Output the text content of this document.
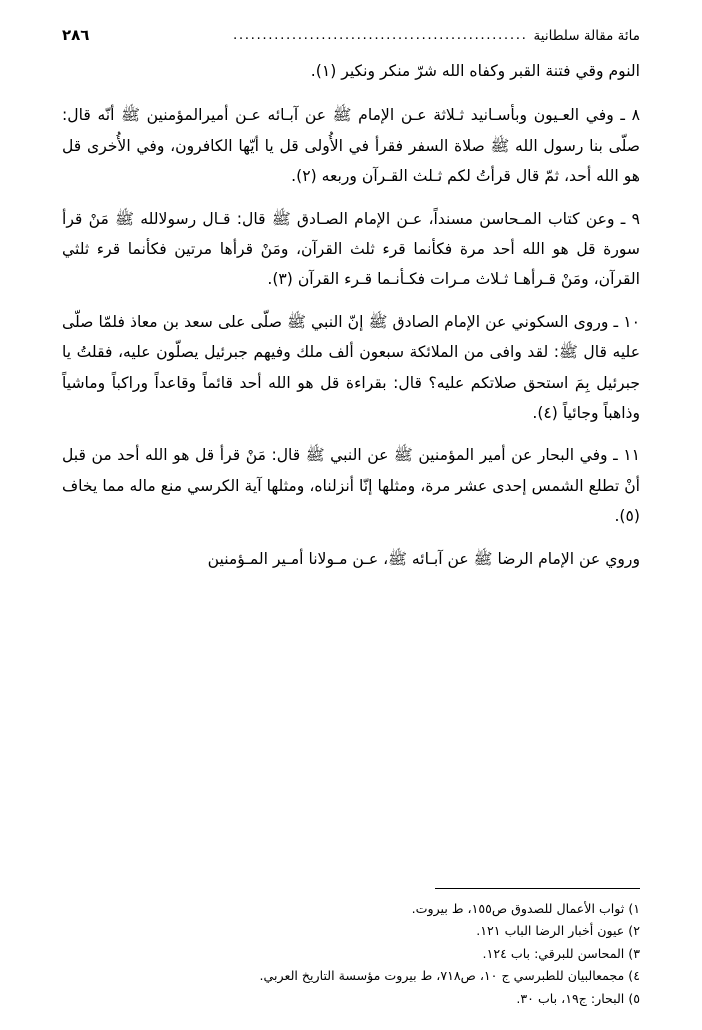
مائة مقالة سلطانية
..................................................
٢٨٦

النوم وقي فتنة القبر وكفاه الله شرّ منكر ونكير (١).

٨ ـ وفي العـيون وبأسـانيد ثـلاثة عـن الإمام ﷺ عن آبـائه عـن أميرالمؤمنين ﷺ أنّه قال: صلّى بنا رسول الله ﷺ صلاة السفر فقرأ في الأُولى قل يا أيّها الكافرون، وفي الأُخرى قل هو الله أحد، ثمّ قال قرأتُ لكم ثـلث القـرآن وربعه (٢).

٩ ـ وعن كتاب المـحاسن مسنداً، عـن الإمام الصـادق ﷺ قال: قـال رسولالله ﷺ مَنْ قرأ سورة قل هو الله أحد مرة فكأنما قرء ثلث القرآن، ومَنْ قرأها مرتين فكأنما قرء ثلثي القرآن، ومَنْ قـرأهـا ثـلاث مـرات فكـأنـما قـرء القرآن (٣).

١٠ ـ وروى السكوني عن الإمام الصادق ﷺ إنّ النبي ﷺ صلّى على سعد بن معاذ فلمّا صلّى عليه قال ﷺ: لقد وافى من الملائكة سبعون ألف ملك وفيهم جبرئيل يصلّون عليه، فقلتُ يا جبرئيل بِمَ استحق صلاتكم عليه؟ قال: بقراءة قل هو الله أحد قائماً وقاعداً وراكباً وماشياً وذاهباً وجائياً (٤).

١١ ـ وفي البحار عن أمير المؤمنين ﷺ عن النبي ﷺ قال: مَنْ قرأ قل هو الله أحد من قبل أنْ تطلع الشمس إحدى عشر مرة، ومثلها إنّا أنزلناه، ومثلها آية الكرسي منع ماله مما يخاف (٥).

وروي عن الإمام الرضا ﷺ عن آبـائه ﷺ، عـن مـولانا أمـير المـؤمنين

١) ثواب الأعمال للصدوق ص١٥٥، ط بيروت.

٢) عيون أخبار الرضا الباب ١٢١.

٣) المحاسن للبرقي: باب ١٢٤.

٤) مجمعالبيان للطبرسي ج ١٠، ص٧١٨، ط بيروت مؤسسة التاريخ العربي.

٥) البحار: ج١٩، باب ٣٠.
